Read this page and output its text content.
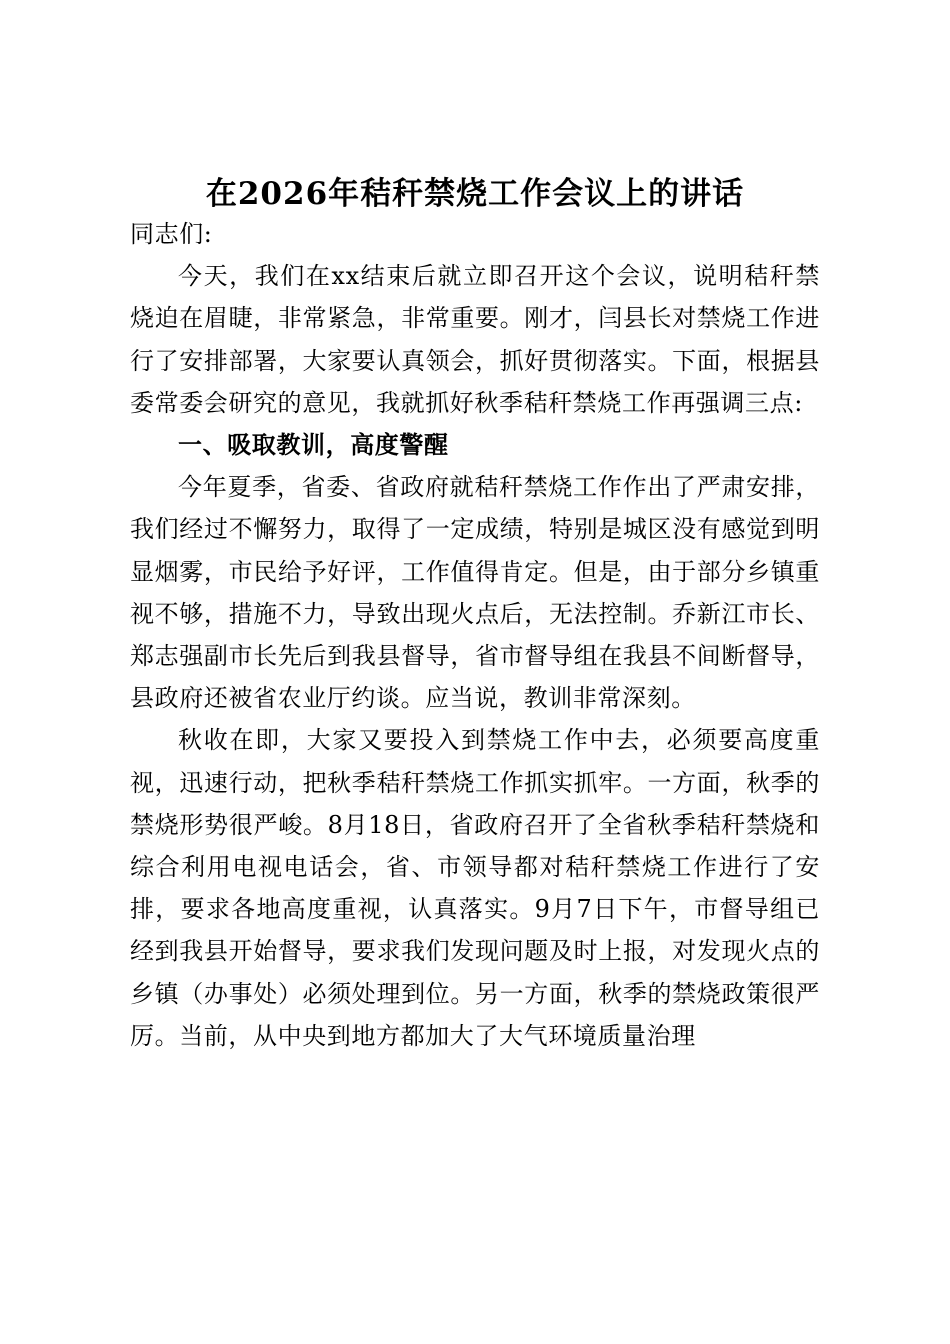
在2026年秸秆禁烧工作会议上的讲话

同志们:

今天，我们在xx结束后就立即召开这个会议，说明秸秆禁烧迫在眉睫，非常紧急，非常重要。刚才，闫县长对禁烧工作进行了安排部署，大家要认真领会，抓好贯彻落实。下面，根据县委常委会研究的意见，我就抓好秋季秸秆禁烧工作再强调三点:

一、吸取教训，高度警醒

今年夏季，省委、省政府就秸秆禁烧工作作出了严肃安排，我们经过不懈努力，取得了一定成绩，特别是城区没有感觉到明显烟雾，市民给予好评，工作值得肯定。但是，由于部分乡镇重视不够，措施不力，导致出现火点后，无法控制。乔新江市长、郑志强副市长先后到我县督导，省市督导组在我县不间断督导，县政府还被省农业厅约谈。应当说，教训非常深刻。

秋收在即，大家又要投入到禁烧工作中去，必须要高度重视，迅速行动，把秋季秸秆禁烧工作抓实抓牢。一方面，秋季的禁烧形势很严峻。8月18日，省政府召开了全省秋季秸秆禁烧和综合利用电视电话会，省、市领导都对秸秆禁烧工作进行了安排，要求各地高度重视，认真落实。9月7日下午，市督导组已经到我县开始督导，要求我们发现问题及时上报，对发现火点的乡镇（办事处）必须处理到位。另一方面，秋季的禁烧政策很严厉。当前，从中央到地方都加大了大气环境质量治理
